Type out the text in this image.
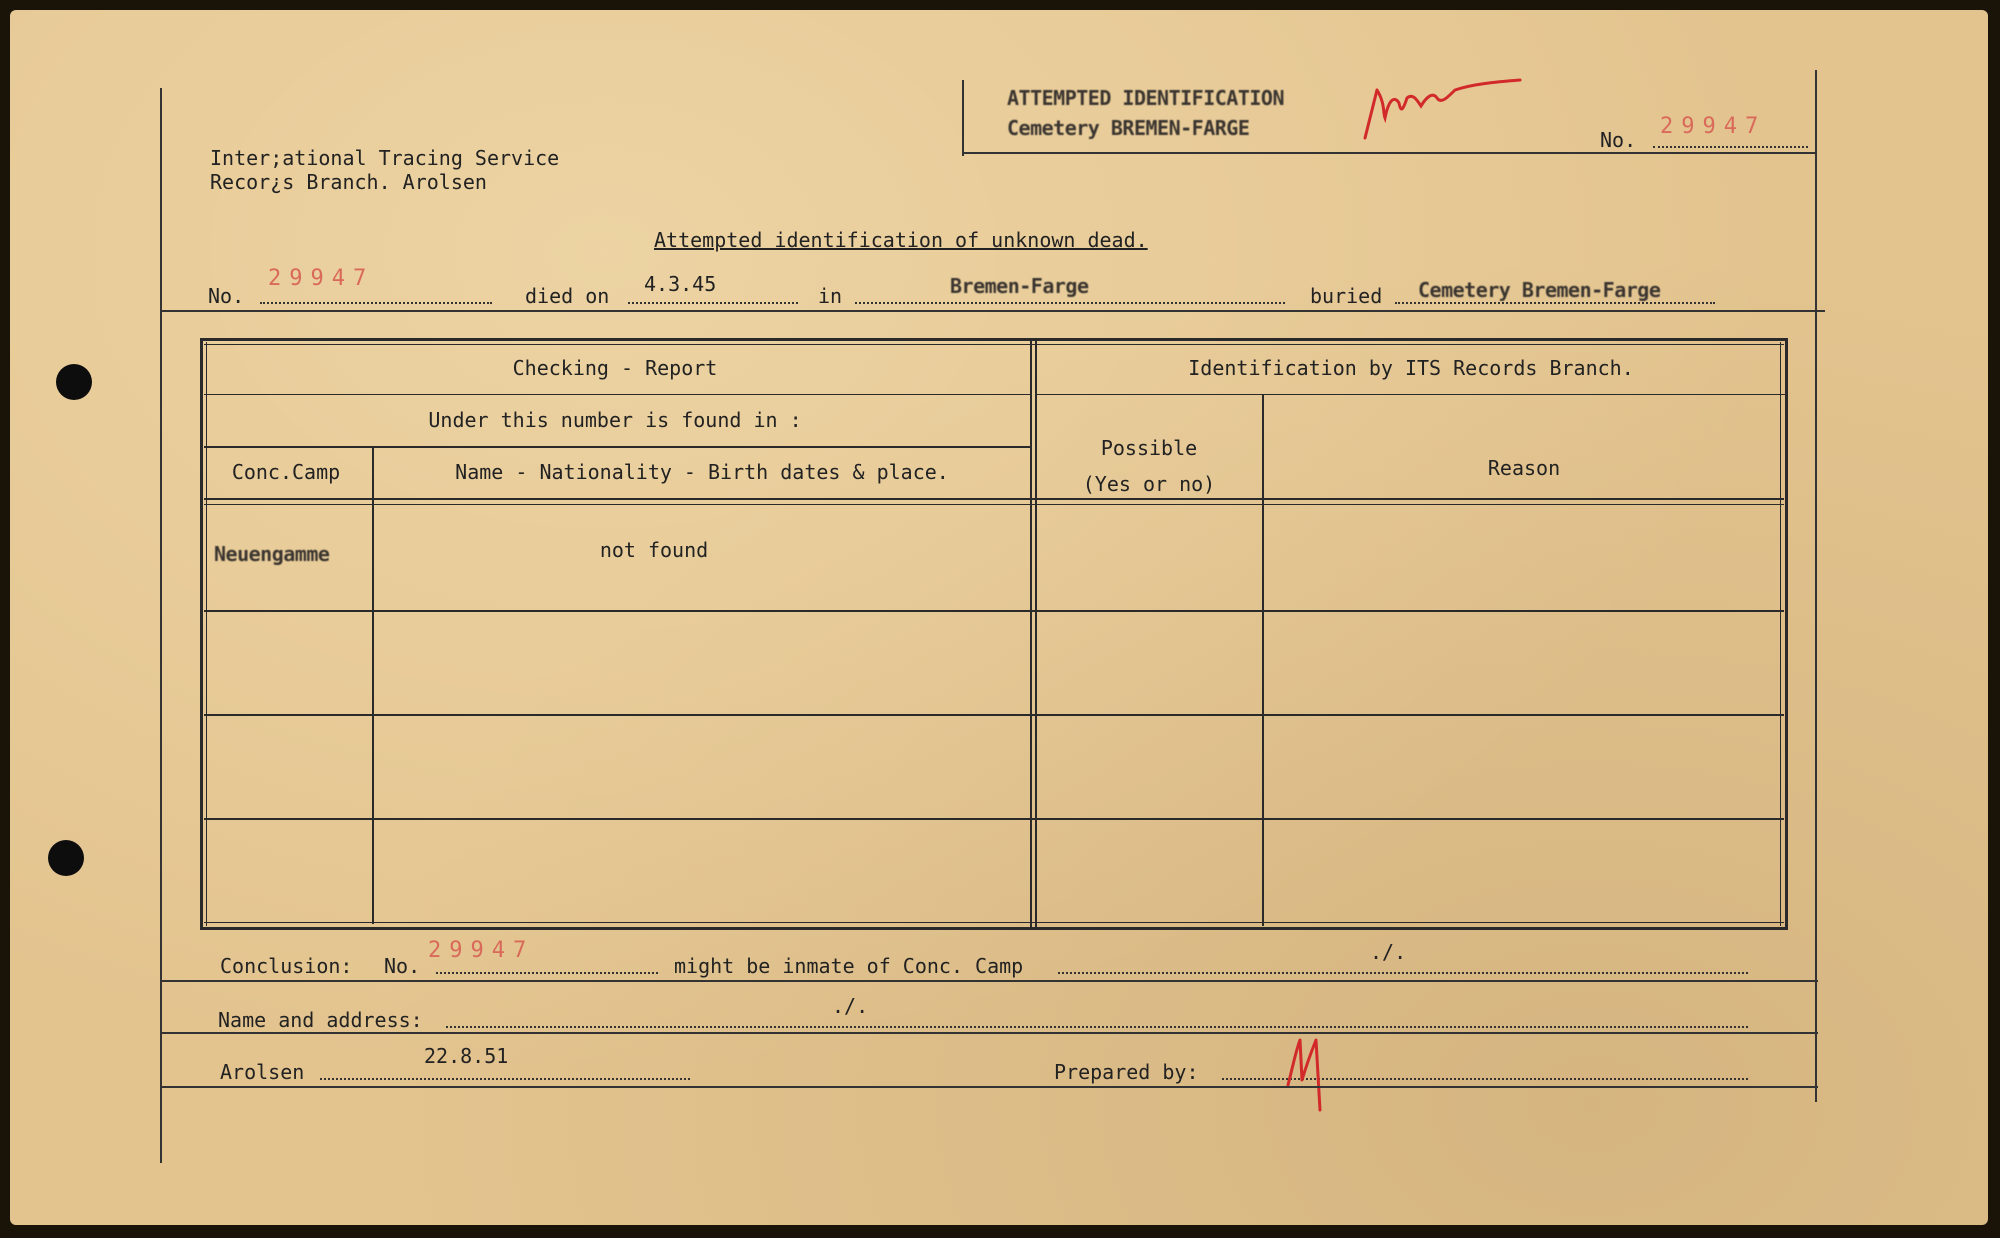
ATTEMPTED IDENTIFICATION
Cemetery BREMEN-FARGE	No.
29947
Inter;ational Tracing Service
Recor¿s Branch. Arolsen
Attempted identification of unknown dead.
No.
29947
died on 4.3.45	in	Bremen-Farge	buried Cemetery Bremen-Farge
Checking - Report
Under this number is found in :
Conc.Camp	Name - Nationality - Birth dates & place.
Identification by ITS Records Branch.
Possible
(Yes or no)
Reason
Neuengamme	not found
Conclusion: No.
29947
might be inmate of Conc. Camp
./.
Name and address:
./.
Arolsen
22.8.51
Prepared by:
